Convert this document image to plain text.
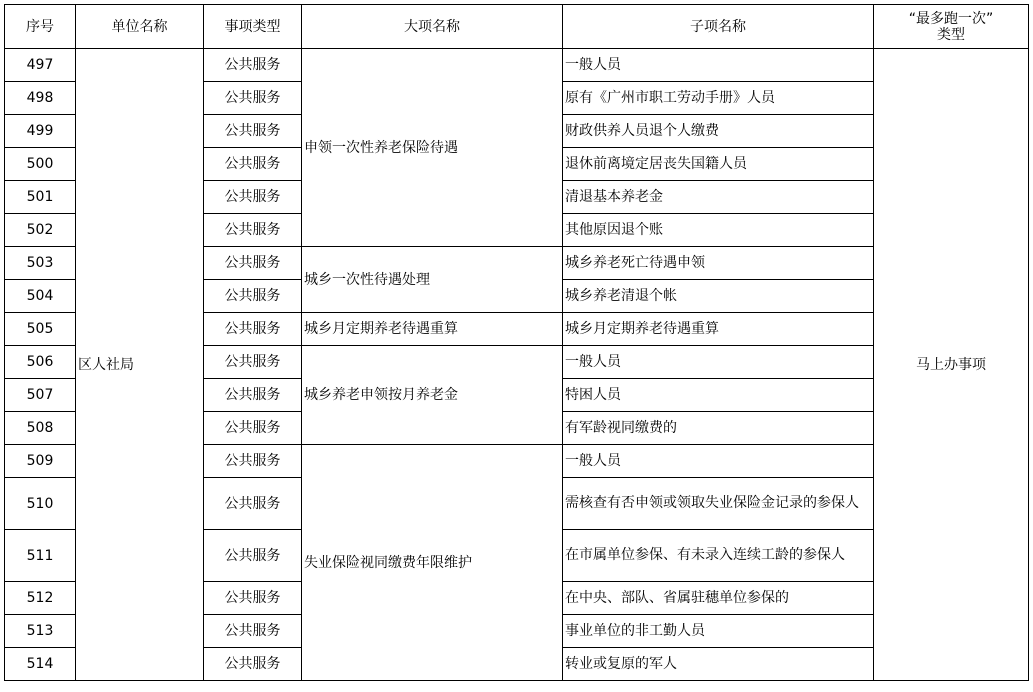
序号	单位名称	事项类型	大项名称	子项名称	“最多跑一次”
类型

497	区人社局	公共服务	申领一次性养老保险待遇	一般人员	马上办事项
498		公共服务		原有《广州市职工劳动手册》人员	
499		公共服务		财政供养人员退个人缴费	
500		公共服务		退休前离境定居丧失国籍人员	
501		公共服务		清退基本养老金	
502		公共服务		其他原因退个账	
503		公共服务	城乡一次性待遇处理	城乡养老死亡待遇申领	
504		公共服务		城乡养老清退个帐	
505		公共服务	城乡月定期养老待遇重算	城乡月定期养老待遇重算	
506		公共服务	城乡养老申领按月养老金	一般人员	
507		公共服务		特困人员	
508		公共服务		有军龄视同缴费的	
509		公共服务	失业保险视同缴费年限维护	一般人员	
510		公共服务		需核查有否申领或领取失业保险金记录的参保人	
511		公共服务		在市属单位参保、有未录入连续工龄的参保人	
512		公共服务		在中央、部队、省属驻穗单位参保的	
513		公共服务		事业单位的非工勤人员	
514		公共服务		转业或复原的军人	
